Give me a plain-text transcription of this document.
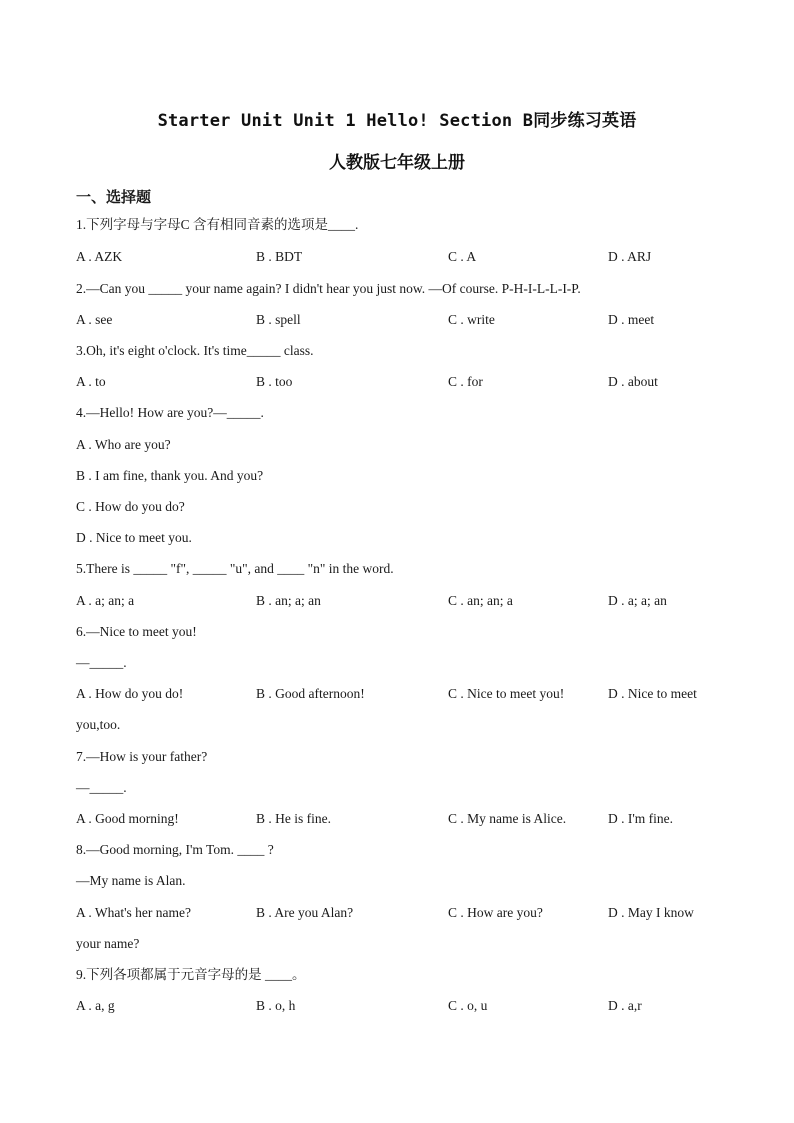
Starter Unit Unit 1 Hello! Section B同步练习英语
人教版七年级上册
一、选择题
1.下列字母与字母C 含有相同音素的选项是____.
A . AZK	B . BDT	C . A	D . ARJ
2.—Can you _____ your name again? I didn't hear you just now. —Of course. P-H-I-L-L-I-P.
A . see	B . spell	C . write	D . meet
3.Oh, it's eight o'clock. It's time_____ class.
A . to	B . too	C . for	D . about
4.—Hello! How are you?—_____.
A . Who are you?
B . I am fine, thank you. And you?
C . How do you do?
D . Nice to meet you.
5.There is _____ "f", _____ "u", and ____ "n" in the word.
A . a; an; a	B . an; a; an	C . an; an; a	D . a; a; an
6.—Nice to meet you!
—_____.
A . How do you do!	B . Good afternoon!	C . Nice to meet you!	D . Nice to meet
you,too.
7.—How is your father?
—_____.
A . Good morning!	B . He is fine.	C . My name is Alice.	D . I'm fine.
8.—Good morning, I'm Tom. ____ ?
—My name is Alan.
A . What's her name?	B . Are you Alan?	C . How are you?	D . May I know
your name?
9.下列各项都属于元音字母的是 ____。
A . a, g	B . o, h	C . o, u	D . a,r
